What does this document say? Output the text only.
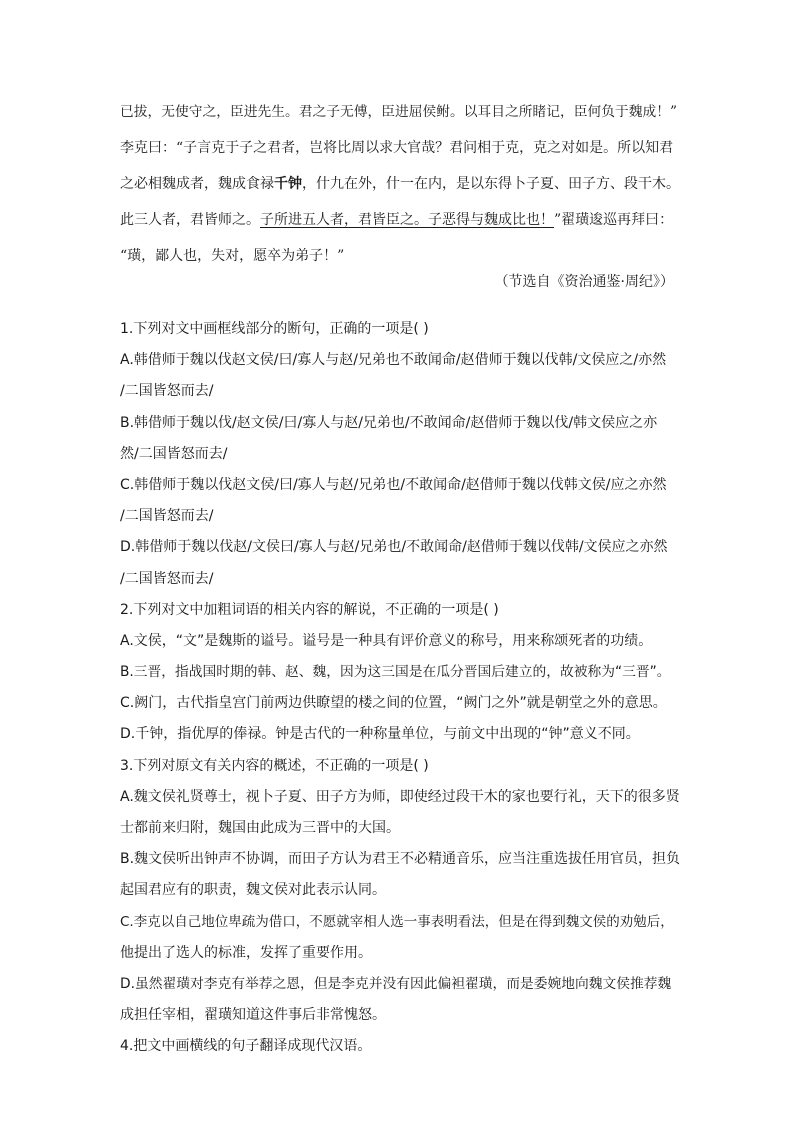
已拔，无使守之，臣进先生。君之子无傅，臣进屈侯鲋。以耳目之所睹记，臣何负于魏成！”
李克曰：“子言克于子之君者，岂将比周以求大官哉？君问相于克，克之对如是。所以知君
之必相魏成者，魏成食禄千钟，什九在外，什一在内，是以东得卜子夏、田子方、段干木。
此三人者，君皆师之。子所进五人者，君皆臣之。子恶得与魏成比也！”翟璜逡巡再拜曰：
“璜，鄙人也，失对，愿卒为弟子！”
（节选自《资治通鉴·周纪》）
1.下列对文中画框线部分的断句，正确的一项是( )
A.韩借师于魏以伐赵文侯/曰/寡人与赵/兄弟也不敢闻命/赵借师于魏以伐韩/文侯应之/亦然
/二国皆怒而去/
B.韩借师于魏以伐/赵文侯/曰/寡人与赵/兄弟也/不敢闻命/赵借师于魏以伐/韩文侯应之亦
然/二国皆怒而去/
C.韩借师于魏以伐赵文侯/曰/寡人与赵/兄弟也/不敢闻命/赵借师于魏以伐韩文侯/应之亦然
/二国皆怒而去/
D.韩借师于魏以伐赵/文侯曰/寡人与赵/兄弟也/不敢闻命/赵借师于魏以伐韩/文侯应之亦然
/二国皆怒而去/
2.下列对文中加粗词语的相关内容的解说，不正确的一项是( )
A.文侯，“文”是魏斯的谥号。谥号是一种具有评价意义的称号，用来称颂死者的功绩。
B.三晋，指战国时期的韩、赵、魏，因为这三国是在瓜分晋国后建立的，故被称为“三晋”。
C.阙门，古代指皇宫门前两边供瞭望的楼之间的位置，“阙门之外”就是朝堂之外的意思。
D.千钟，指优厚的俸禄。钟是古代的一种称量单位，与前文中出现的“钟”意义不同。
3.下列对原文有关内容的概述，不正确的一项是( )
A.魏文侯礼贤尊士，视卜子夏、田子方为师，即使经过段干木的家也要行礼，天下的很多贤
士都前来归附，魏国由此成为三晋中的大国。
B.魏文侯听出钟声不协调，而田子方认为君王不必精通音乐，应当注重选拔任用官员，担负
起国君应有的职责，魏文侯对此表示认同。
C.李克以自己地位卑疏为借口，不愿就宰相人选一事表明看法，但是在得到魏文侯的劝勉后，
他提出了选人的标准，发挥了重要作用。
D.虽然翟璜对李克有举荐之恩，但是李克并没有因此偏袒翟璜，而是委婉地向魏文侯推荐魏
成担任宰相，翟璜知道这件事后非常愧怒。
4.把文中画横线的句子翻译成现代汉语。
